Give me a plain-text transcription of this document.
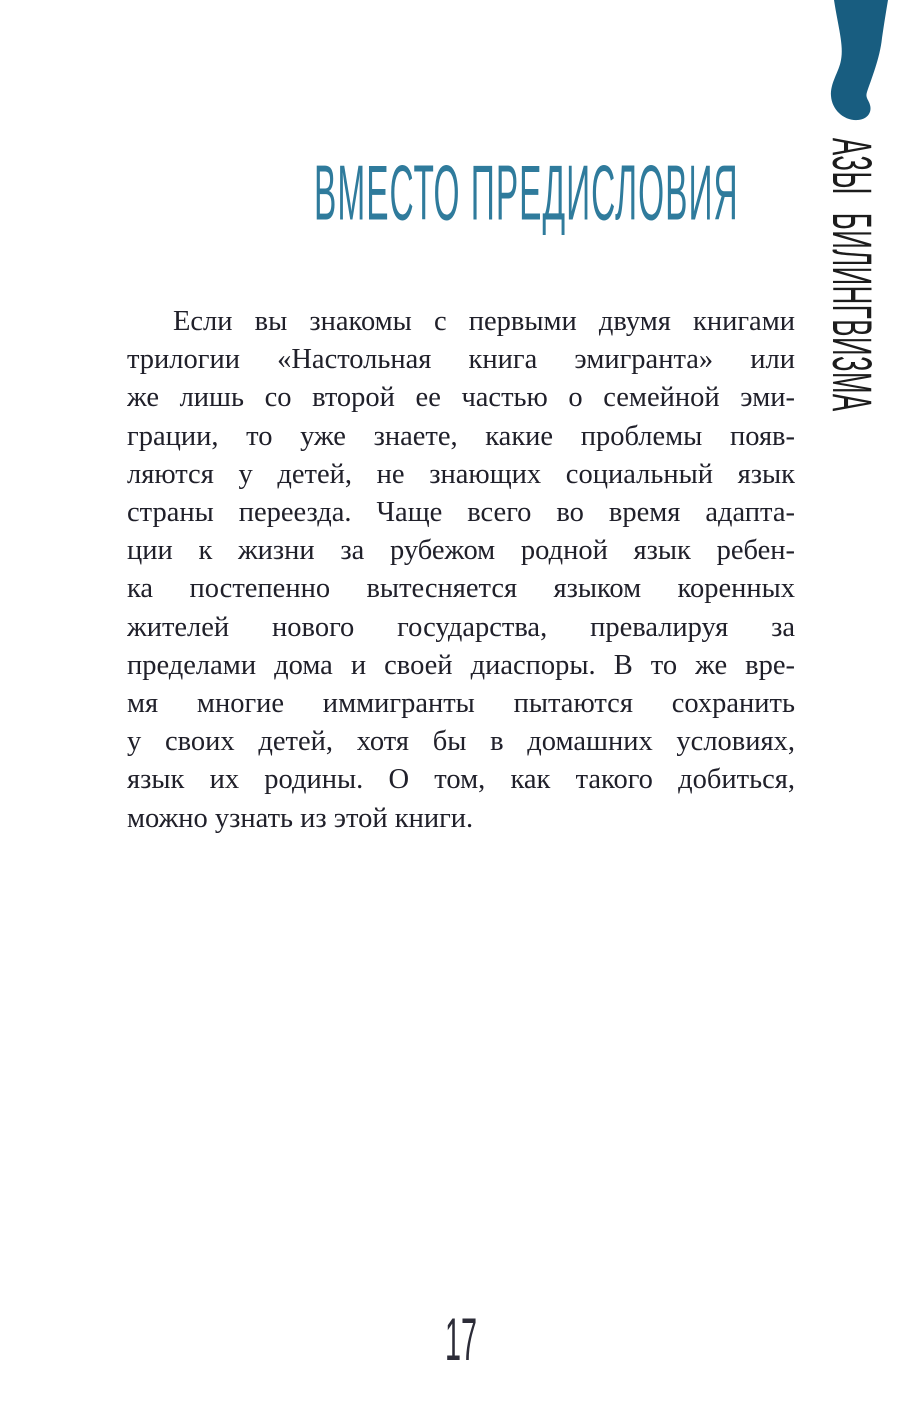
АЗЫ БИЛИНГВИЗМА
ВМЕСТО ПРЕДИСЛОВИЯ
Если вы знакомы с первыми двумя книгами
трилогии «Настольная книга эмигранта» или
же лишь со второй ее частью о семейной эми-
грации, то уже знаете, какие проблемы появ-
ляются у детей, не знающих социальный язык
страны переезда. Чаще всего во время адапта-
ции к жизни за рубежом родной язык ребен-
ка постепенно вытесняется языком коренных
жителей нового государства, превалируя за
пределами дома и своей диаспоры. В то же вре-
мя многие иммигранты пытаются сохранить
у своих детей, хотя бы в домашних условиях,
язык их родины. О том, как такого добиться,
можно узнать из этой книги.
17
